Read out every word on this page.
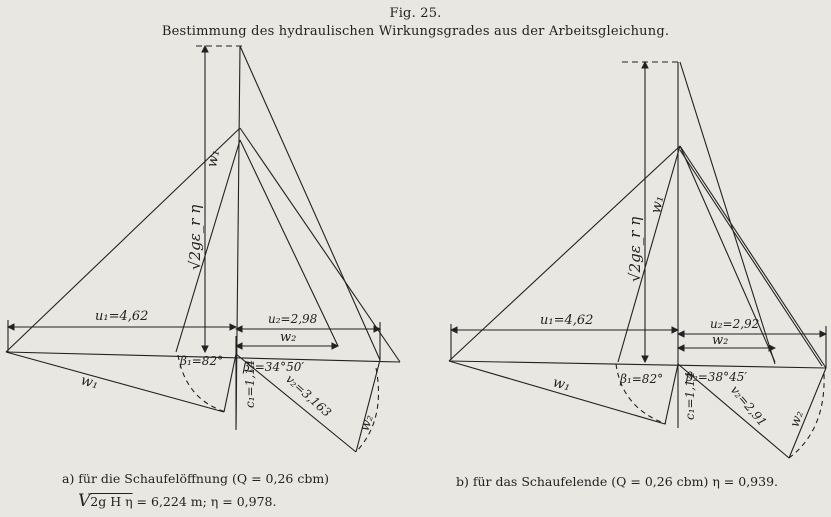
Fig. 25.
Bestimmung des hydraulischen Wirkungsgrades aus der Arbeitsgleichung.
u₁=4,62	u₂=2,98
w₂
w₁
√2gε_r η
w₁
β₁=82° β₂=34°50′
c₁=1,14 v₂=3,163
w₂
u₁=4,62	u₂=2,92
w₂
w₁
√2gε_r η
w₁	β₁=82° β₂=38°45′
c₁=1,14	v₂=2,91 w₂
a) für die Schaufelöffnung (Q = 0,26 cbm)
V2g H η = 6,224 m; η = 0,978.
b) für das Schaufelende (Q = 0,26 cbm) η = 0,939.
